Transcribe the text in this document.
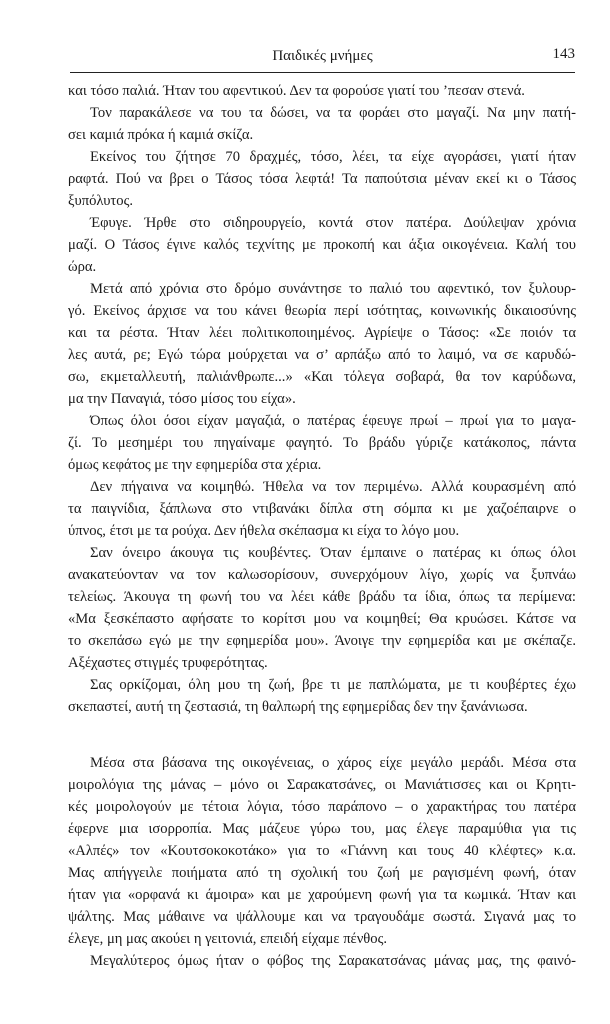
Παιδικές μνήμες	143
και τόσο παλιά. Ήταν του αφεντικού. Δεν τα φορούσε γιατί του ’πεσαν στενά.
Τον παρακάλεσε να του τα δώσει, να τα φοράει στο μαγαζί. Να μην πατή-
σει καμιά πρόκα ή καμιά σκίζα.
Εκείνος του ζήτησε 70 δραχμές, τόσο, λέει, τα είχε αγοράσει, γιατί ήταν
ραφτά. Πού να βρει ο Τάσος τόσα λεφτά! Τα παπούτσια μέναν εκεί κι ο Τάσος
ξυπόλυτος.
Έφυγε. Ήρθε στο σιδηρουργείο, κοντά στον πατέρα. Δούλεψαν χρόνια
μαζί. Ο Τάσος έγινε καλός τεχνίτης με προκοπή και άξια οικογένεια. Καλή του
ώρα.
Μετά από χρόνια στο δρόμο συνάντησε το παλιό του αφεντικό, τον ξυλουρ-
γό. Εκείνος άρχισε να του κάνει θεωρία περί ισότητας, κοινωνικής δικαιοσύνης
και τα ρέστα. Ήταν λέει πολιτικοποιημένος. Αγρίεψε ο Τάσος: «Σε ποιόν τα
λες αυτά, ρε; Εγώ τώρα μούρχεται να σ’ αρπάξω από το λαιμό, να σε καρυδώ-
σω, εκμεταλλευτή, παλιάνθρωπε...» «Και τόλεγα σοβαρά, θα τον καρύδωνα,
μα την Παναγιά, τόσο μίσος του είχα».
Όπως όλοι όσοι είχαν μαγαζιά, ο πατέρας έφευγε πρωί – πρωί για το μαγα-
ζί. Το μεσημέρι του πηγαίναμε φαγητό. Το βράδυ γύριζε κατάκοπος, πάντα
όμως κεφάτος με την εφημερίδα στα χέρια.
Δεν πήγαινα να κοιμηθώ. Ήθελα να τον περιμένω. Αλλά κουρασμένη από
τα παιγνίδια, ξάπλωνα στο ντιβανάκι δίπλα στη σόμπα κι με χαζοέπαιρνε ο
ύπνος, έτσι με τα ρούχα. Δεν ήθελα σκέπασμα κι είχα το λόγο μου.
Σαν όνειρο άκουγα τις κουβέντες. Όταν έμπαινε ο πατέρας κι όπως όλοι
ανακατεύονταν να τον καλωσορίσουν, συνερχόμουν λίγο, χωρίς να ξυπνάω
τελείως. Άκουγα τη φωνή του να λέει κάθε βράδυ τα ίδια, όπως τα περίμενα:
«Μα ξεσκέπαστο αφήσατε το κορίτσι μου να κοιμηθεί; Θα κρυώσει. Κάτσε να
το σκεπάσω εγώ με την εφημερίδα μου». Άνοιγε την εφημερίδα και με σκέπαζε.
Αξέχαστες στιγμές τρυφερότητας.
Σας ορκίζομαι, όλη μου τη ζωή, βρε τι με παπλώματα, με τι κουβέρτες έχω
σκεπαστεί, αυτή τη ζεστασιά, τη θαλπωρή της εφημερίδας δεν την ξανάνιωσα.
Μέσα στα βάσανα της οικογένειας, ο χάρος είχε μεγάλο μεράδι. Μέσα στα
μοιρολόγια της μάνας – μόνο οι Σαρακατσάνες, οι Μανιάτισσες και οι Κρητι-
κές μοιρολογούν με τέτοια λόγια, τόσο παράπονο – ο χαρακτήρας του πατέρα
έφερνε μια ισορροπία. Μας μάζευε γύρω του, μας έλεγε παραμύθια για τις
«Αλπές» τον «Κουτσοκοκοτάκο» για το «Γιάννη και τους 40 κλέφτες» κ.α.
Μας απήγγειλε ποιήματα από τη σχολική του ζωή με ραγισμένη φωνή, όταν
ήταν για «ορφανά κι άμοιρα» και με χαρούμενη φωνή για τα κωμικά. Ήταν και
ψάλτης. Μας μάθαινε να ψάλλουμε και να τραγουδάμε σωστά. Σιγανά μας το
έλεγε, μη μας ακούει η γειτονιά, επειδή είχαμε πένθος.
Μεγαλύτερος όμως ήταν ο φόβος της Σαρακατσάνας μάνας μας, της φαινό-
